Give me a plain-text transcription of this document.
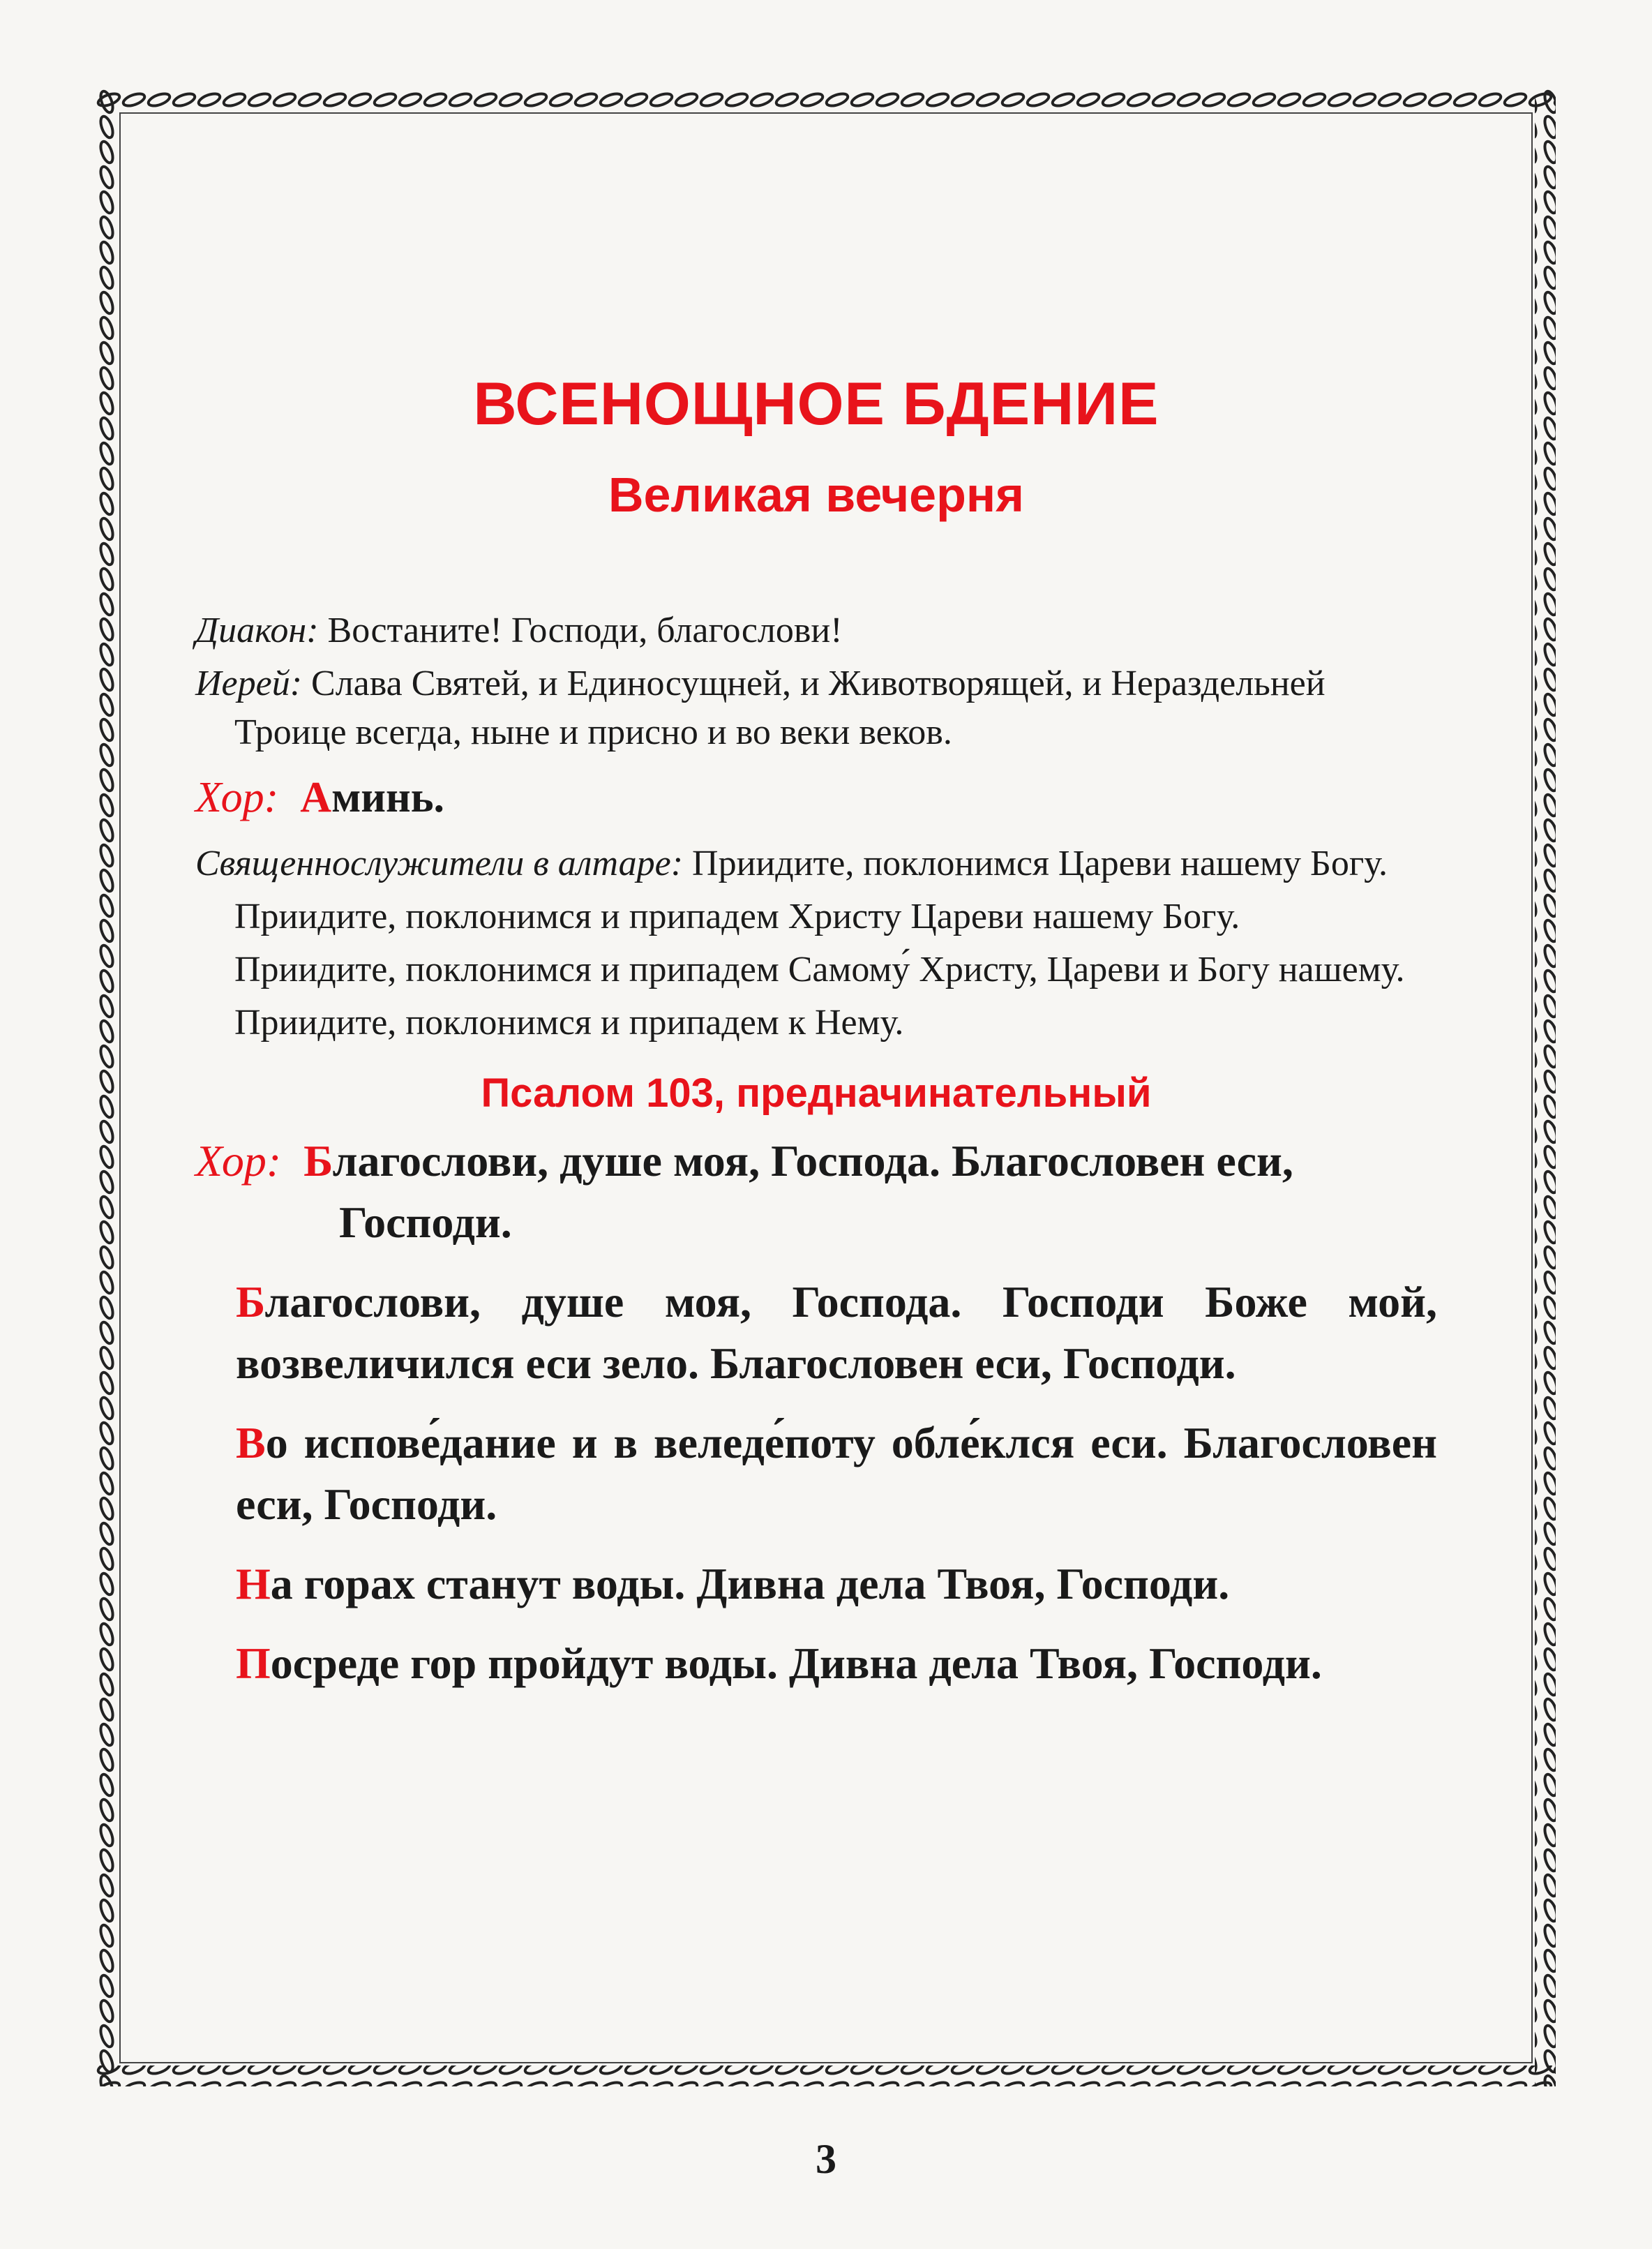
ВСЕНОЩНОЕ БДЕНИЕ
Великая вечерня

Диакон: Востаните! Господи, благослови!

Иерей: Слава Святей, и Единосущней, и Животворящей, и Нераздельней Троице всегда, ныне и присно и во веки веков.

Хор: Аминь.

Священнослужители в алтаре: Приидите, поклонимся Цареви нашему Богу.

Приидите, поклонимся и припадем Христу Цареви нашему Богу.

Приидите, поклонимся и припадем Самому́ Христу, Цареви и Богу нашему.

Приидите, поклонимся и припадем к Нему.

Псалом 103, предначинательный

Хор: Благослови, душе моя, Господа. Благословен еси, Господи.

Благослови, душе моя, Господа. Господи Боже мой, возвеличился еси зело. Благословен еси, Господи.

Во испове́дание и в веледе́поту обле́клся еси. Благословен еси, Господи.

На горах станут воды. Дивна дела Твоя, Господи.

Посреде гор пройдут воды. Дивна дела Твоя, Господи.

3
